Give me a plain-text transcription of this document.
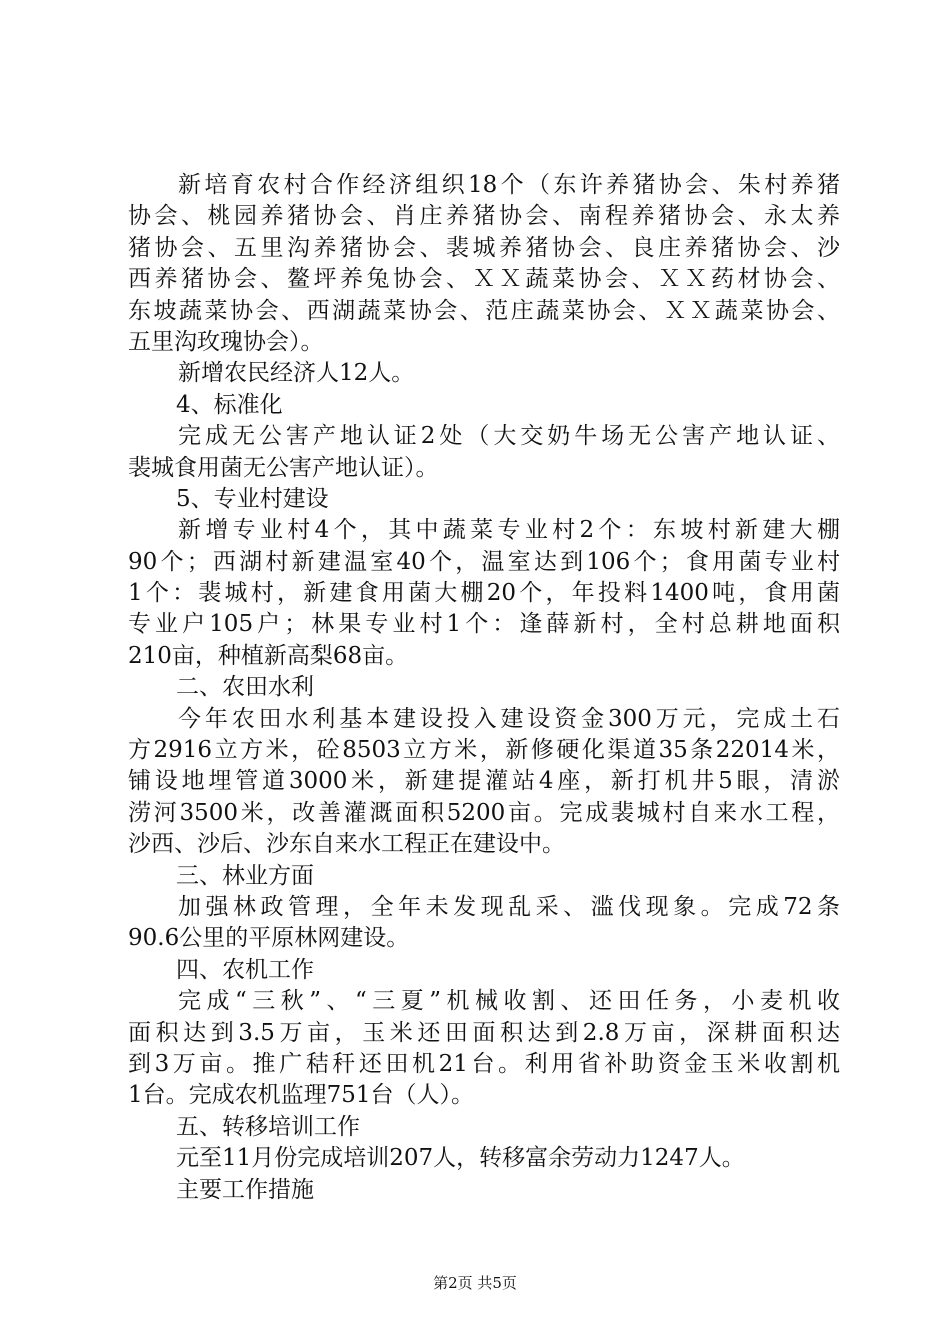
新培育农村合作经济组织18个（东许养猪协会、朱村养猪
协会、桃园养猪协会、肖庄养猪协会、南程养猪协会、永太养
猪协会、五里沟养猪协会、裴城养猪协会、良庄养猪协会、沙
西养猪协会、鳌坪养兔协会、ＸＸ蔬菜协会、ＸＸ药材协会、
东坡蔬菜协会、西湖蔬菜协会、范庄蔬菜协会、ＸＸ蔬菜协会、
五里沟玫瑰协会）。
新增农民经济人12人。
4、标准化
完成无公害产地认证2处（大交奶牛场无公害产地认证、
裴城食用菌无公害产地认证）。
5、专业村建设
新增专业村4个，其中蔬菜专业村2个：东坡村新建大棚
90个；西湖村新建温室40个，温室达到106个；食用菌专业村
1个：裴城村，新建食用菌大棚20个，年投料1400吨，食用菌
专业户105户；林果专业村1个：逢薛新村，全村总耕地面积
210亩，种植新高梨68亩。
二、农田水利
今年农田水利基本建设投入建设资金300万元，完成土石
方2916立方米，砼8503立方米，新修硬化渠道35条22014米，
铺设地埋管道3000米，新建提灌站4座，新打机井5眼，清淤
涝河3500米，改善灌溉面积5200亩。完成裴城村自来水工程，
沙西、沙后、沙东自来水工程正在建设中。
三、林业方面
加强林政管理，全年未发现乱采、滥伐现象。完成72条
90.6公里的平原林网建设。
四、农机工作
完成“三秋”、“三夏”机械收割、还田任务，小麦机收
面积达到3.5万亩，玉米还田面积达到2.8万亩，深耕面积达
到3万亩。推广秸秆还田机21台。利用省补助资金玉米收割机
1台。完成农机监理751台（人）。
五、转移培训工作
元至11月份完成培训207人，转移富余劳动力1247人。
主要工作措施
第2页 共5页
